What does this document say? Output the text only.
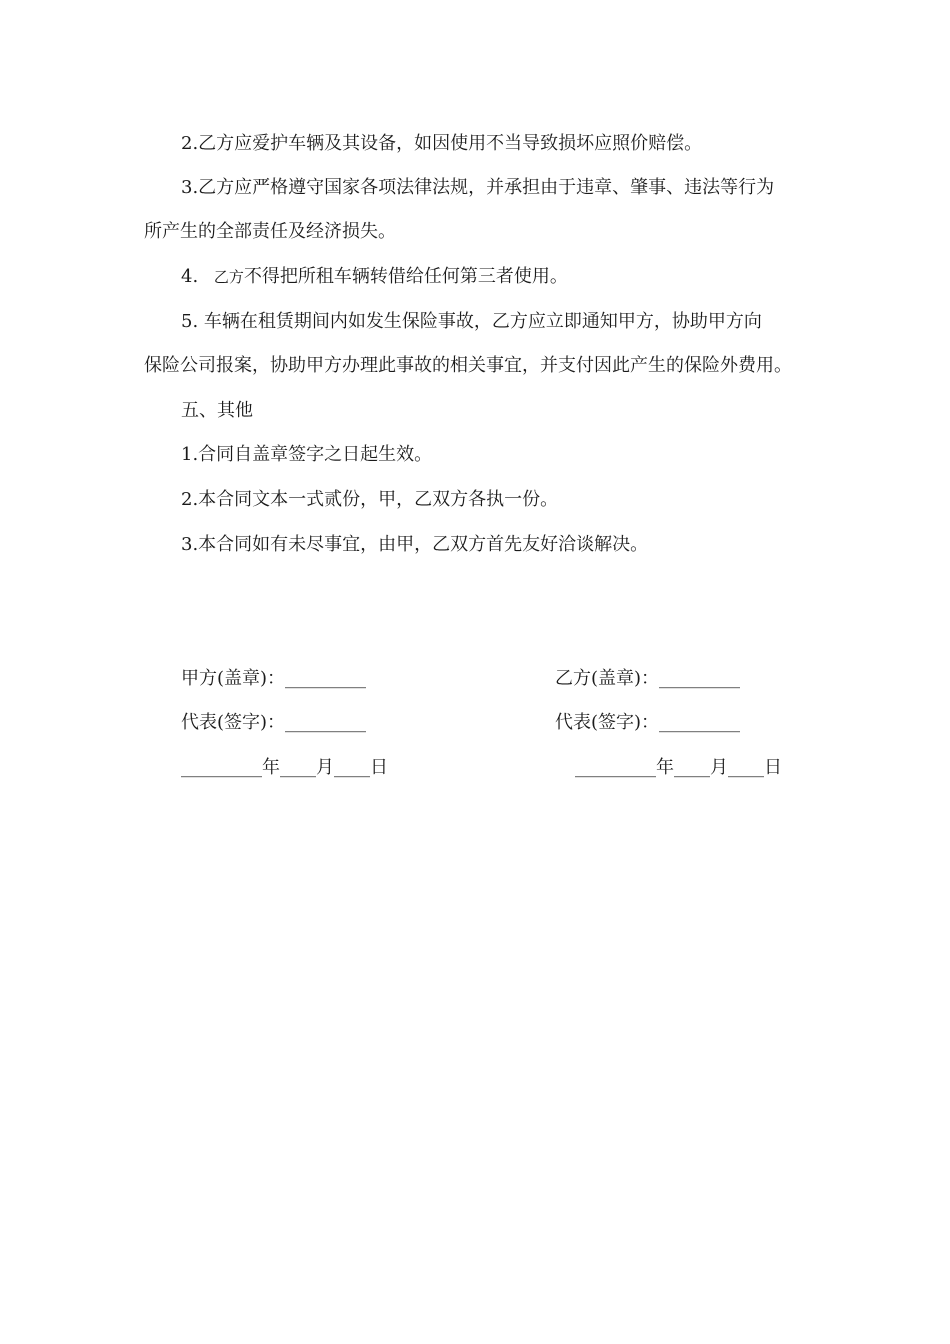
2.乙方应爱护车辆及其设备，如因使用不当导致损坏应照价赔偿。
3.乙方应严格遵守国家各项法律法规，并承担由于违章、肇事、违法等行为
所产生的全部责任及经济损失。
4. 乙方不得把所租车辆转借给任何第三者使用。
5. 车辆在租赁期间内如发生保险事故，乙方应立即通知甲方，协助甲方向
保险公司报案，协助甲方办理此事故的相关事宜，并支付因此产生的保险外费用。
五、其他
1.合同自盖章签字之日起生效。
2.本合同文本一式贰份，甲，乙双方各执一份。
3.本合同如有未尽事宜，由甲，乙双方首先友好洽谈解决。
甲方(盖章)：_________
代表(签字)：_________
_________年____月____日
乙方(盖章)：_________
代表(签字)：_________
_________年____月____日
